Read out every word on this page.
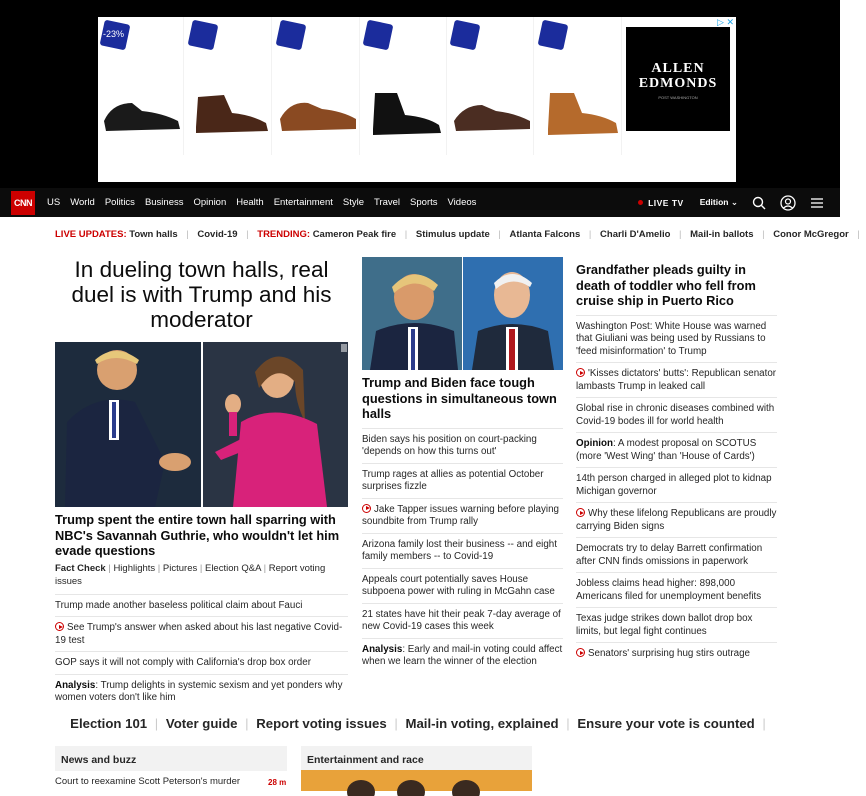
-23%
ALLEN
EDMONDS
POST WASHINGTON
▷ ✕
CNN	US World Politics Business Opinion Health Entertainment Style Travel Sports Videos	LIVE TV Edition ⌄
LIVE UPDATES: Town halls | Covid-19 | TRENDING: Cameron Peak fire | Stimulus update | Atlanta Falcons | Charli D'Amelio | Mail-in ballots | Conor McGregor |
In dueling town halls, real duel is with Trump and his moderator
Trump spent the entire town hall sparring with NBC's Savannah Guthrie, who wouldn't let him evade questions
Fact Check | Highlights | Pictures | Election Q&A | Report voting issues
Trump made another baseless political claim about Fauci
See Trump's answer when asked about his last negative Covid-19 test
GOP says it will not comply with California's drop box order
Analysis: Trump delights in systemic sexism and yet ponders why women voters don't like him
Trump and Biden face tough questions in simultaneous town halls
Biden says his position on court-packing 'depends on how this turns out'
Trump rages at allies as potential October surprises fizzle
Jake Tapper issues warning before playing soundbite from Trump rally
Arizona family lost their business -- and eight family members -- to Covid-19
Appeals court potentially saves House subpoena power with ruling in McGahn case
21 states have hit their peak 7-day average of new Covid-19 cases this week
Analysis: Early and mail-in voting could affect when we learn the winner of the election
Grandfather pleads guilty in death of toddler who fell from cruise ship in Puerto Rico
Washington Post: White House was warned that Giuliani was being used by Russians to 'feed misinformation' to Trump
'Kisses dictators' butts': Republican senator lambasts Trump in leaked call
Global rise in chronic diseases combined with Covid-19 bodes ill for world health
Opinion: A modest proposal on SCOTUS (more 'West Wing' than 'House of Cards')
14th person charged in alleged plot to kidnap Michigan governor
Why these lifelong Republicans are proudly carrying Biden signs
Democrats try to delay Barrett confirmation after CNN finds omissions in paperwork
Jobless claims head higher: 898,000 Americans filed for unemployment benefits
Texas judge strikes down ballot drop box limits, but legal fight continues
Senators' surprising hug stirs outrage
Election 101 | Voter guide | Report voting issues | Mail-in voting, explained | Ensure your vote is counted |
News and buzz	Entertainment and race
Court to reexamine Scott Peterson's murder	28 m
